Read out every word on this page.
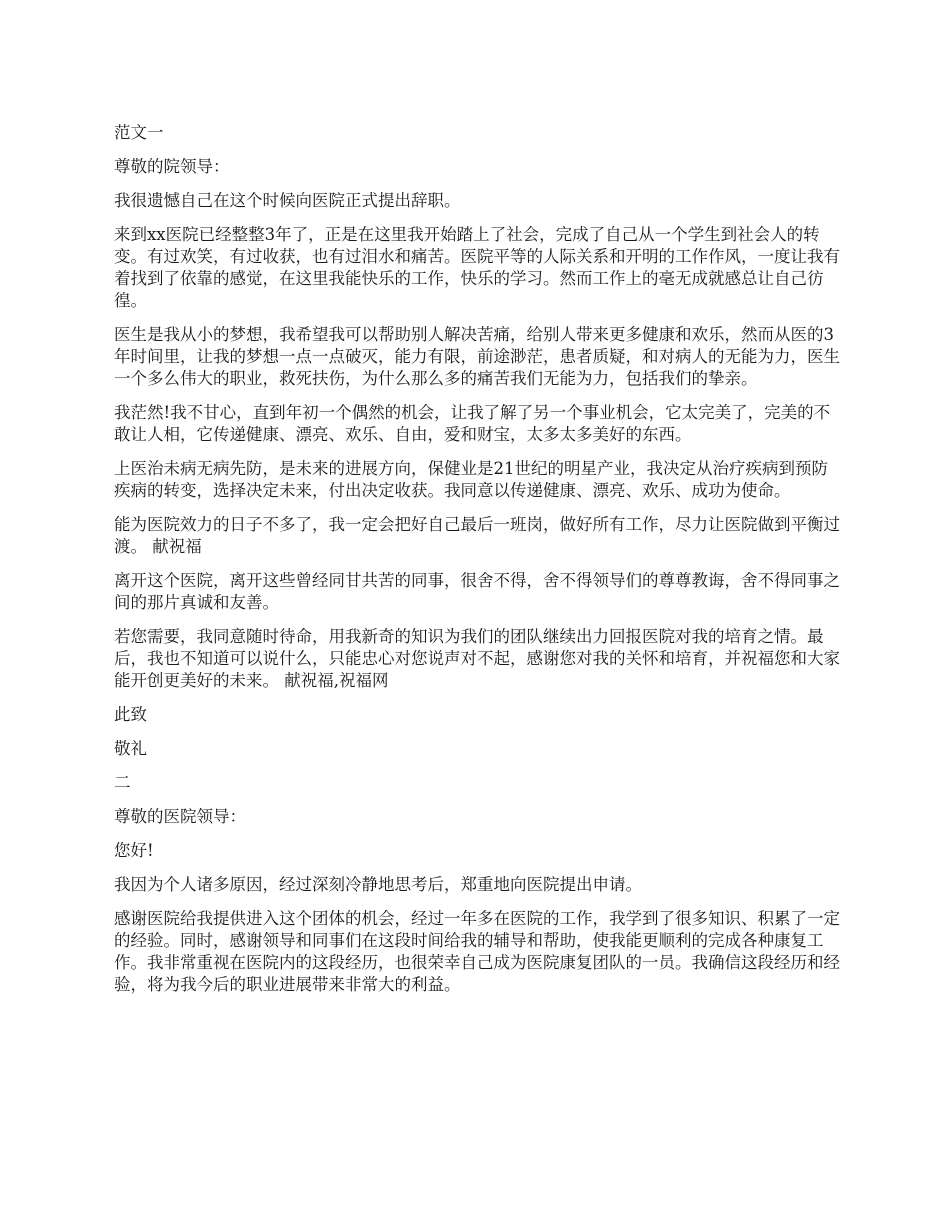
范文一

尊敬的院领导：

我很遗憾自己在这个时候向医院正式提出辞职。

来到xx医院已经整整3年了，正是在这里我开始踏上了社会，完成了自己从一个学生到社会人的转变。有过欢笑，有过收获，也有过泪水和痛苦。医院平等的人际关系和开明的工作作风，一度让我有着找到了依靠的感觉，在这里我能快乐的工作，快乐的学习。然而工作上的毫无成就感总让自己彷徨。

医生是我从小的梦想，我希望我可以帮助别人解决苦痛，给别人带来更多健康和欢乐，然而从医的3年时间里，让我的梦想一点一点破灭，能力有限，前途渺茫，患者质疑，和对病人的无能为力，医生一个多么伟大的职业，救死扶伤，为什么那么多的痛苦我们无能为力，包括我们的挚亲。

我茫然!我不甘心，直到年初一个偶然的机会，让我了解了另一个事业机会，它太完美了，完美的不敢让人相，它传递健康、漂亮、欢乐、自由，爱和财宝，太多太多美好的东西。

上医治未病无病先防，是未来的进展方向，保健业是21世纪的明星产业，我决定从治疗疾病到预防疾病的转变，选择决定未来，付出决定收获。我同意以传递健康、漂亮、欢乐、成功为使命。

能为医院效力的日子不多了，我一定会把好自己最后一班岗，做好所有工作，尽力让医院做到平衡过渡。 献祝福

离开这个医院，离开这些曾经同甘共苦的同事，很舍不得，舍不得领导们的尊尊教诲，舍不得同事之间的那片真诚和友善。

若您需要，我同意随时待命，用我新奇的知识为我们的团队继续出力回报医院对我的培育之情。最后，我也不知道可以说什么，只能忠心对您说声对不起，感谢您对我的关怀和培育，并祝福您和大家能开创更美好的未来。 献祝福,祝福网

此致

敬礼

二

尊敬的医院领导：

您好!

我因为个人诸多原因，经过深刻冷静地思考后，郑重地向医院提出申请。

感谢医院给我提供进入这个团体的机会，经过一年多在医院的工作，我学到了很多知识、积累了一定的经验。同时，感谢领导和同事们在这段时间给我的辅导和帮助，使我能更顺利的完成各种康复工作。我非常重视在医院内的这段经历，也很荣幸自己成为医院康复团队的一员。我确信这段经历和经验，将为我今后的职业进展带来非常大的利益。
